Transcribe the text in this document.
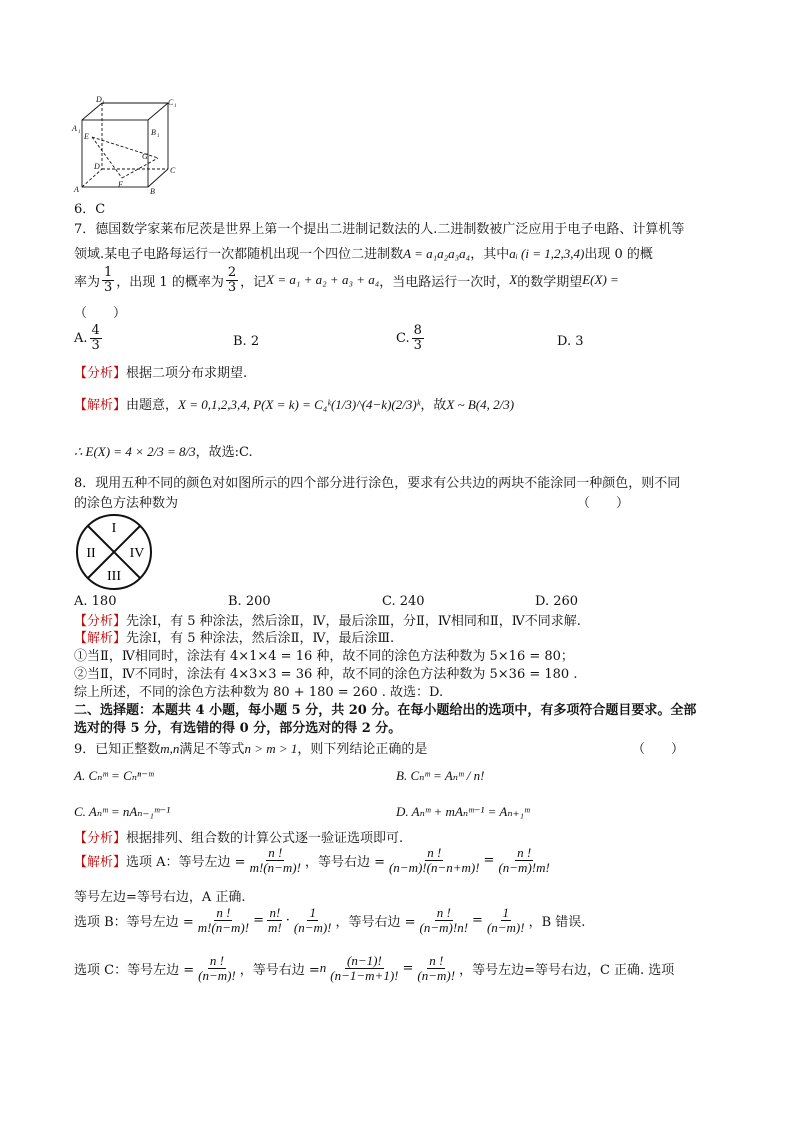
D 1	C 1
A 1	B 1
E
G
D	C
F
A	B
6．C
7．德国数学家莱布尼茨是世界上第一个提出二进制记数法的人.二进制数被广泛应用于电子电路、计算机等
领域.某电子电路每运行一次都随机出现一个四位二进制数A = a₁a₂a₃a₄，其中aᵢ (i = 1,2,3,4)出现 0 的概
率为 $\frac{1}{3}$ ，出现 1 的概率为 $\frac{2}{3}$ ，记 X = a₁ + a₂ + a₃ + a₄ ，当电路运行一次时， X 的数学期望 E(X) =
（　　）
A. $\frac{4}{3}$	B. 2	C. $\frac{8}{3}$	D. 3
【分析】根据二项分布求期望.
【解析】由题意，X = 0,1,2,3,4, P(X = k) = C₄ᵏ(1/3)^(4−k)(2/3)ᵏ，故X ~ B(4, 2/3)
∴ E(X) = 4 × 2/3 = 8/3，故选:C.
8．现用五种不同的颜色对如图所示的四个部分进行涂色，要求有公共边的两块不能涂同一种颜色，则不同
的涂色方法种数为	（　　）
I
II IV
III
A. 180	B. 200	C. 240	D. 260
【分析】先涂Ⅰ，有 5 种涂法，然后涂Ⅱ，Ⅳ，最后涂Ⅲ，分Ⅱ，Ⅳ相同和Ⅱ，Ⅳ不同求解.
【解析】先涂Ⅰ，有 5 种涂法，然后涂Ⅱ，Ⅳ，最后涂Ⅲ.
①当Ⅱ，Ⅳ相同时，涂法有 4×1×4 = 16 种，故不同的涂色方法种数为 5×16 = 80；
②当Ⅱ，Ⅳ不同时，涂法有 4×3×3 = 36 种，故不同的涂色方法种数为 5×36 = 180 .
综上所述，不同的涂色方法种数为 80 + 180 = 260 . 故选：D.
二、选择题：本题共 4 小题，每小题 5 分，共 20 分。在每小题给出的选项中，有多项符合题目要求。全部
选对的得 5 分，有选错的得 0 分，部分选对的得 2 分。
9．已知正整数m,n满足不等式n > m > 1，则下列结论正确的是	（　　）
A. Cₙᵐ = Cₙⁿ⁻ᵐ	B. Cₙᵐ = Aₙᵐ / n!
C. Aₙᵐ = nAₙ₋₁ᵐ⁻¹	D. Aₙᵐ + mAₙᵐ⁻¹ = Aₙ₊₁ᵐ
【分析】根据排列、组合数的计算公式逐一验证选项即可.
【解析】 选项 A：等号左边 = $\frac{n !}{m!(n-m)!}$ ，等号右边 = $\frac{n !}{(n-m)!(n-n+m)!} = \frac{n !}{(n-m)!m!}$
等号左边=等号右边，A 正确.
选项 B：等号左边 = $\frac{n !}{m!(n-m)!} = \frac{n!}{m!} \cdot \frac{1}{(n-m)!}$ ，等号右边 = $\frac{n !}{(n-m)!n!} = \frac{1}{(n-m)!}$ ，B 错误.
选项 C：等号左边 = $\frac{n !}{(n-m)!}$ ，等号右边 = n $\frac{(n-1)!}{(n-1-m+1)!} = \frac{n !}{(n-m)!}$ ，等号左边=等号右边，C 正确. 选项
